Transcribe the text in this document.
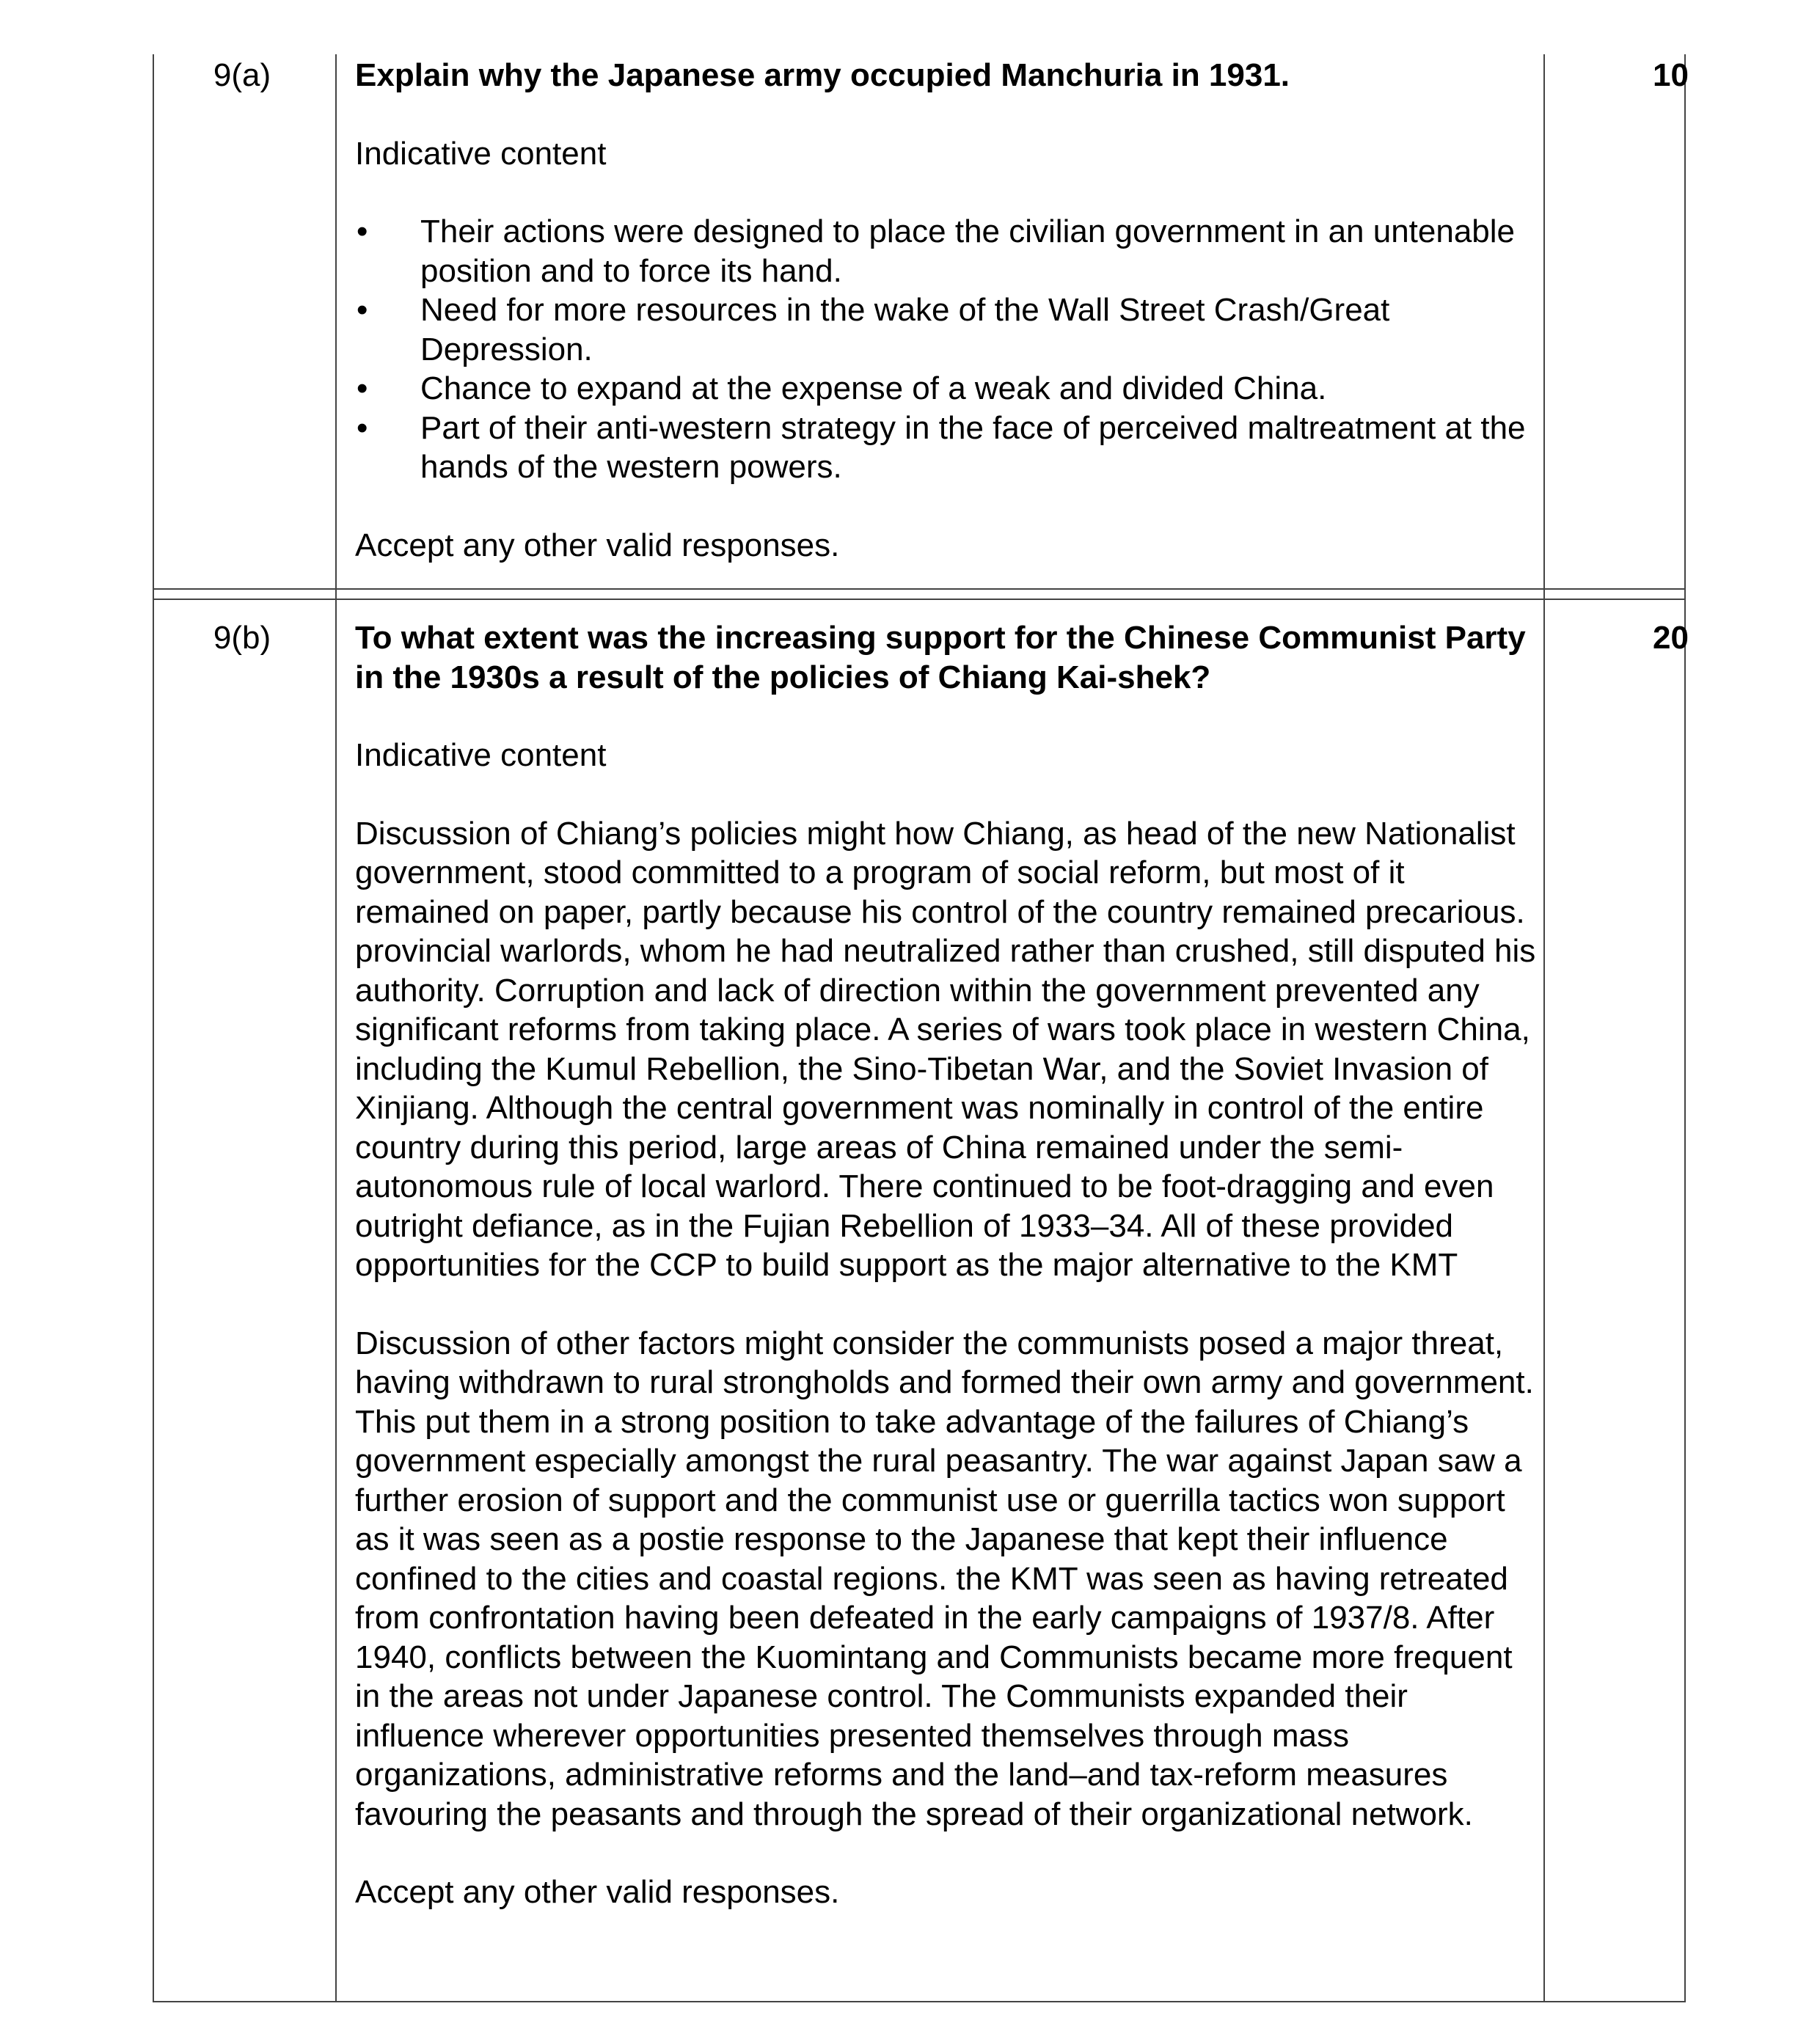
9(a)	10

Explain why the Japanese army occupied Manchuria in 1931.

Indicative content

• Their actions were designed to place the civilian government in an untenable position and to force its hand.
• Need for more resources in the wake of the Wall Street Crash/Great Depression.
• Chance to expand at the expense of a weak and divided China.
• Part of their anti-western strategy in the face of perceived maltreatment at the hands of the western powers.

Accept any other valid responses.

9(b)	20

To what extent was the increasing support for the Chinese Communist Party in the 1930s a result of the policies of Chiang Kai-shek?

Indicative content

Discussion of Chiang’s policies might how Chiang, as head of the new Nationalist government, stood committed to a program of social reform, but most of it remained on paper, partly because his control of the country remained precarious. provincial warlords, whom he had neutralized rather than crushed, still disputed his authority. Corruption and lack of direction within the government prevented any significant reforms from taking place. A series of wars took place in western China, including the Kumul Rebellion, the Sino-Tibetan War, and the Soviet Invasion of Xinjiang. Although the central government was nominally in control of the entire country during this period, large areas of China remained under the semi-autonomous rule of local warlord. There continued to be foot-dragging and even outright defiance, as in the Fujian Rebellion of 1933–34. All of these provided opportunities for the CCP to build support as the major alternative to the KMT

Discussion of other factors might consider the communists posed a major threat, having withdrawn to rural strongholds and formed their own army and government. This put them in a strong position to take advantage of the failures of Chiang’s government especially amongst the rural peasantry. The war against Japan saw a further erosion of support and the communist use or guerrilla tactics won support as it was seen as a postie response to the Japanese that kept their influence confined to the cities and coastal regions. the KMT was seen as having retreated from confrontation having been defeated in the early campaigns of 1937/8. After 1940, conflicts between the Kuomintang and Communists became more frequent in the areas not under Japanese control. The Communists expanded their influence wherever opportunities presented themselves through mass organizations, administrative reforms and the land–and tax-reform measures favouring the peasants and through the spread of their organizational network.

Accept any other valid responses.
